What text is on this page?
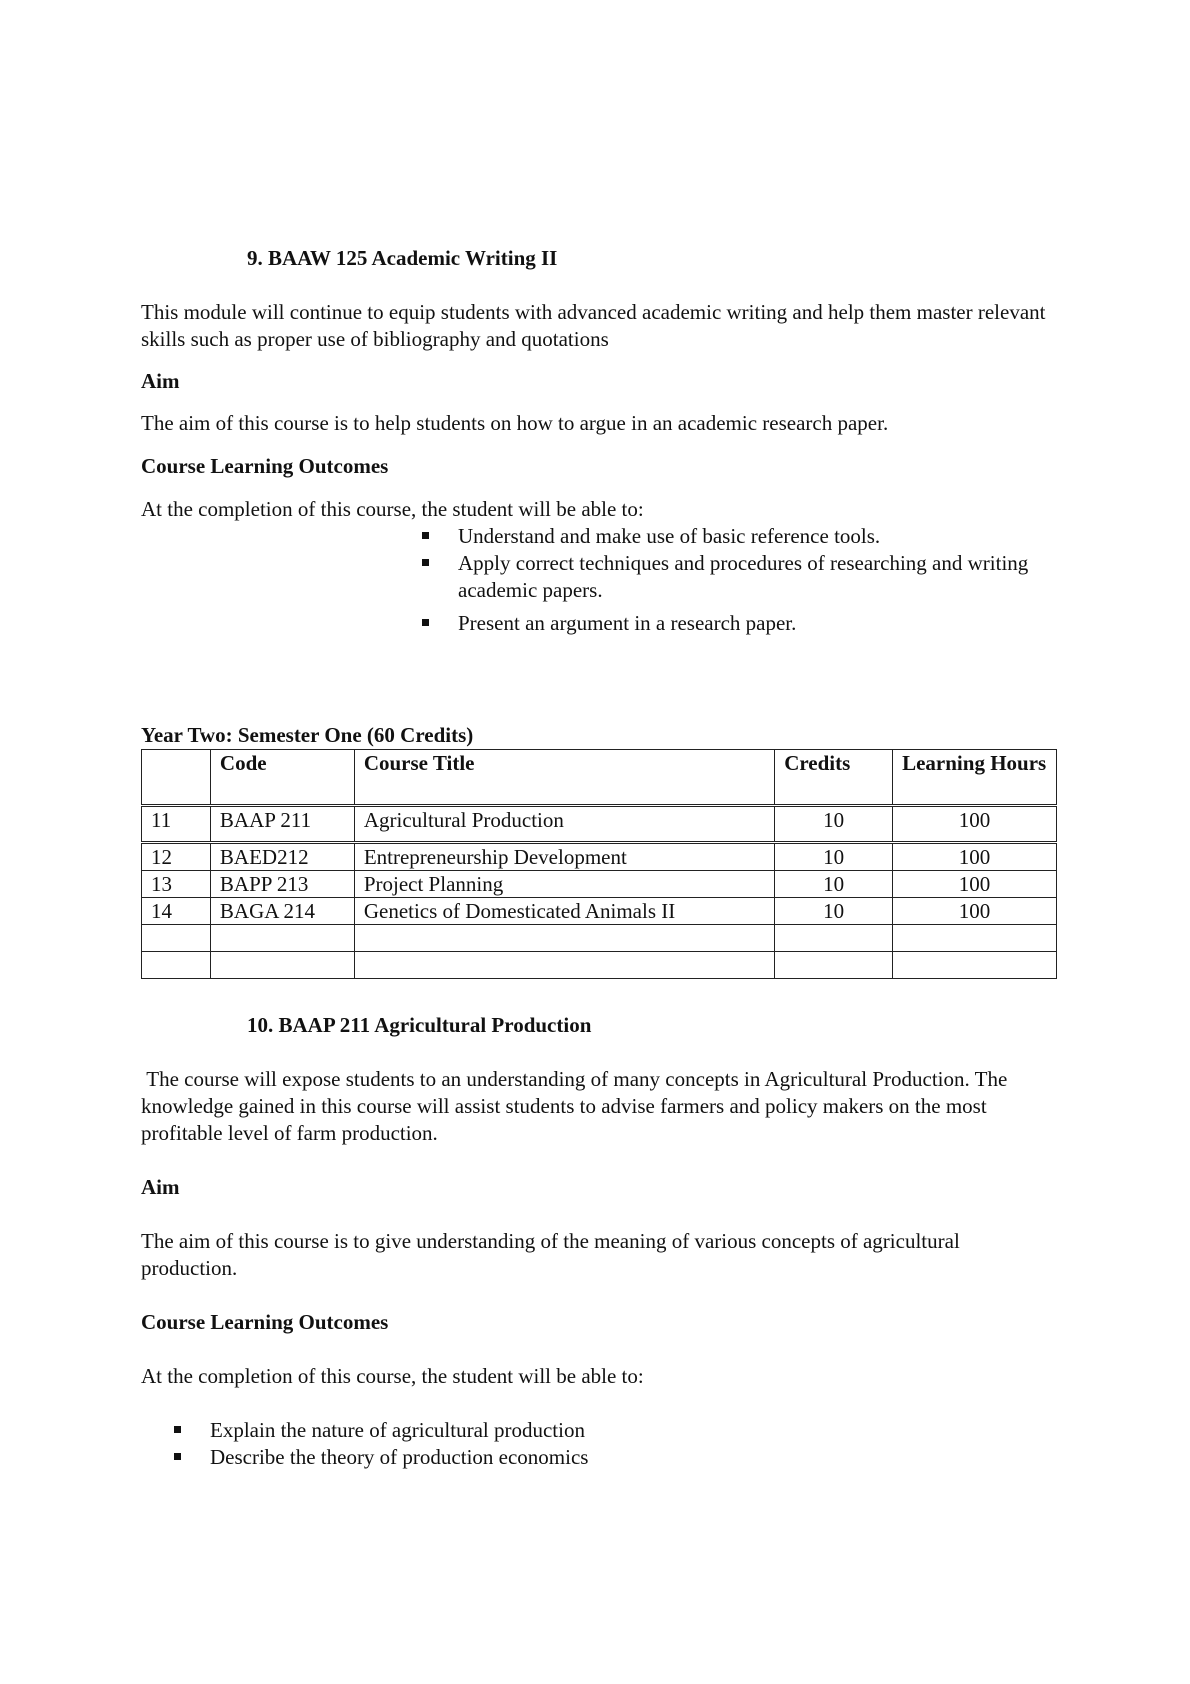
9. BAAW 125 Academic Writing II

This module will continue to equip students with advanced academic writing and help them master relevant skills such as proper use of bibliography and quotations

Aim
The aim of this course is to help students on how to argue in an academic research paper.
Course Learning Outcomes
At the completion of this course, the student will be able to:
Understand and make use of basic reference tools.
Apply correct techniques and procedures of researching and writing academic papers.
Present an argument in a research paper.
Year Two: Semester One (60 Credits)
	Code	Course Title	Credits	Learning Hours
11	BAAP 211	Agricultural Production	10	100
12	BAED212	Entrepreneurship Development	10	100
13	BAPP 213	Project Planning	10	100
14	BAGA 214	Genetics of Domesticated Animals II	10	100

10. BAAP 211 Agricultural Production

The course will expose students to an understanding of many concepts in Agricultural Production. The knowledge gained in this course will assist students to advise farmers and policy makers on the most profitable level of farm production.

Aim

The aim of this course is to give understanding of the meaning of various concepts of agricultural production.

Course Learning Outcomes
At the completion of this course, the student will be able to:
Explain the nature of agricultural production
Describe the theory of production economics
